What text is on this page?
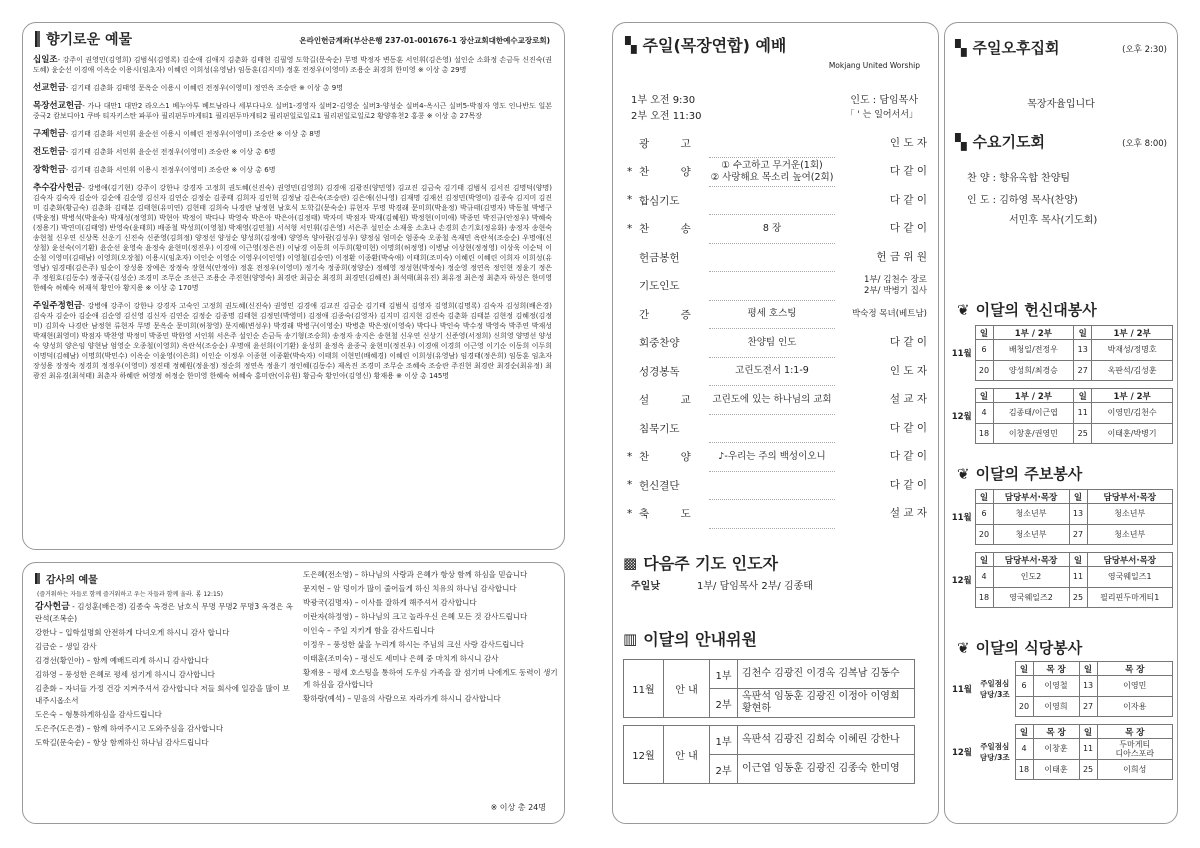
향기로운 예물	온라인헌금계좌(부산은행 237-01-001676-1 장산교회대한예수교장로회)
십일조- 강주이 권영민(김영희) 김범식(김영록) 김순애 김애지 김춘화 김태현 김필영 도학길(문숙순) 무명 박정자 변동훈 서인휘(김은영) 설인순 소화정 손금득 신진숙(권도혜) 윤순선 이경애 이옥순 이용시(임초자) 이혜린 이희성(유영남) 임동훈(김지미) 정훈 전정우(이영미) 조용순 최경희 한미영 ※ 이상 총 29명
선교헌금- 김기태 김춘화 김태영 문옥순 이용시 이혜린 전정우(이영미) 정연옥 조승란 ※ 이상 총 9명
목장선교헌금- 가나 대만1 대만2 라오스1 베누아투 베트남라나 세부다나오 실버1-경영자 실버2-김영순 실버3-양성순 실버4-옥시근 실버5-박점자 영도 인나반도 일본 중국2 캄보디아1 쿠바 티자키스탄 파푸아 필리핀두마게티1 필리핀두마게티2 필리핀일로일로1 필리핀일로일로2 황양휴천2 홍콩 ※ 이상 총 27목장
구제헌금- 김기태 김춘화 서인휘 윤순선 이용시 이혜린 전정우(이영미) 조승란 ※ 이상 총 8명
전도헌금- 김기태 김춘화 서인휘 윤순선 전정우(이영미) 조승란 ※ 이상 총 6명
장학헌금- 김기태 김춘화 서인휘 이용시 전정우(이영미) 조승란 ※ 이상 총 6명
추수감사헌금- 강병애(김기현) 강주이 강한나 강경자 고정희 권도혜(신진숙) 권영민(김영희) 김경애 김광진(양민영) 김교진 김금숙 김기태 김범식 김서진 김명덕(양명) 김숙자 김숙자 김순아 김순애 김순영 김신자 김연순 김정순 김종태 김희자 김인혁 김정남 김은숙(조승란) 김은애(신나영) 김재명 김재선 김정민(박영미) 김종숙 김지미 김진미 김춘화(황금숙) 김춘화 김태분 김태현(유미연) 김현태 김희숙 나경란 남정현 남호식 도학길(문숙순) 류현자 무명 박경래 문미희(박윤정) 박규태(김명자) 박동철 박병구(박윤정) 박병석(박윤숙) 박재성(정영희) 박현아 박정이 박다나 박영숙 박은아 박은아(김정태) 박자미 박점자 박재(김혜원) 박정현(이미애) 박종민 박진규(안정우) 박혜숙(정용기) 박연미(김태영) 반영숙(윤태희) 배종철 박성희(이영철) 박재영(김민철) 서석형 서인휘(김은영) 서은주 설인순 소재웅 소초나 손경희 손기호(정유화) 송정자 송현숙 송현철 신우연 신상목 신운기 신진숙 신준영(김희정) 양정선 양성순 양성희(김정애) 양영옥 양아람(김성우) 양정심 엄미순 엄종숙 오종철 옥재민 옥란석(조승순) 우명애(신상철) 윤선숙(이기환) 윤순선 윤영숙 윤정숙 윤현미(정진우) 이경애 이근영(정은진) 이남경 이동희 이두희(황미현) 이명희(허정영) 이병남 이상현(정정영) 이상욱 이순덕 이순철 이영미(김태남) 이영희(오장철) 이용시(임초자) 이인순 이영순 이영우(이인영) 이영철(김승연) 이정환 이종환(박숙애) 이태희(조미숙) 이혜린 이혜린 이희자 이희성(유영남) 임경태(김은주) 임순이 장성용 장예은 장정숙 장현석(안정아) 정훈 전정우(이영미) 정기숙 정종희(정양순) 정혜영 정성현(박정숙) 정순영 정연옥 정인현 정윤기 정은주 정원호(김동수) 정종국(김성순) 조경미 조무순 조선근 조용순 주진현(양영숙) 최경란 최금순 최경희 최경민(김혜진) 최석태(최유진) 최유정 최은정 최춘자 하성은 한미영 한혜숙 허혜숙 허재석 황인아 황지용 ※ 이상 총 170명
주일주정헌금- 강병애 강주이 강한나 강경자 고숙인 고정희 권도혜(신진숙) 권영민 김경애 김교진 김금순 김기태 김범식 김영자 김영희(김명록) 김숙자 김성희(배은경) 김숙자 김순아 김순애 김순영 김신영 김신자 김연순 김정순 김종명 김태현 김정민(박영미) 김정애 김종숙(김영자) 김지미 김지현 김진숙 김춘화 김태분 김현정 김혜정(김정미) 김희숙 나경란 남정현 류현자 무명 문옥순 문미희(허창영) 문지혜(변성우) 박경래 박병구(이영순) 박병춘 박은정(이영숙) 박다나 박인숙 박수정 박영숙 박주연 박재성 박재현(최영미) 박점자 박찬영 박정미 박종민 박한영 서인휘 서은주 설인순 손금득 송기형(조승희) 송정자 송지은 송현철 신우연 신상기 신준영(서정희) 신희영 양명선 양성숙 양성희 양은임 양현남 엄영순 오종철(이영희) 옥란석(조승순) 우명애 윤선희(이기환) 윤성희 윤정옥 윤종국 윤현미(정진우) 이경애 이경희 이근영 이기순 이동희 이두희 이명덕(김혜남) 이명희(박민수) 이옥순 이윤영(이은희) 이인순 이정우 이종현 이종환(박숙자) 이태희 이현민(배혜경) 이혜린 이희성(유영남) 임경태(정은희) 임동훈 임초자 장성용 장정숙 정경희 정정우(이영미) 정진태 정혜원(정윤정) 정순희 정연옥 정윤기 정인혜(김동수) 제옥진 조경미 조무순 조혜숙 조승란 주진현 최경란 최경순(최유정) 최광진 최유경(최석태) 최춘자 하혜란 허영정 허정순 한미영 한혜숙 허혜숙 홍미란(이유원) 황금숙 황인아(김영신) 황재용 ※ 이상 총 145명
감사의 예물
(즐거워하는 자들로 함께 즐거워하고 우는 자들과 함께 울라. 롬 12:15)
감사헌금 - 김성훈(배은경) 김종숙 옥경은 남호식 무명 무명2 무명3 옥경은 옥란석(조복순)
강한나 – 입학설명회 안전하게 다녀오게 하시니 감사 합니다
김금순 – 생일 감사
김경선(황인아) – 함께 예배드리게 하시니 감사합니다
김하영 – 풍성한 은혜로 평세 섬기게 하시니 감사합니다
김춘화 – 자녀들 가정 건강 지켜주셔서 감사합니다 저들 회사에 일감을 많이 보내주시옵소서
도은숙 – 형통하게하심을 감사드립니다
도은주(도은경) – 함께 하여주시고 도와주심을 감사합니다
도학길(문숙순) – 항상 함께하신 하나님 감사드립니다
도은혜(전소영) – 하나님의 사랑과 은혜가 항상 함께 하심을 믿습니다
문지현 – 암 덩이가 많이 줄어들게 하신 치유의 하나님 감사합니다
박광국(김명자) – 이사를 잘하게 해주셔서 감사합니다
이란자(하정영) – 하나님의 크고 놀라우신 은혜 모든 것 감사드립니다
이인숙 – 주일 지키게 함을 감사드립니다
이정우 – 풍성한 삶을 누리게 하시는 주님의 크신 사랑 감사드립니다
이태훈(조미숙) – 평신도 세미나 은혜 중 마치게 하시니 감사
황재용 – 평세 호스팅을 통하여 도우심 가족을 잘 섬기며 나에게도 동력이 생기게 하심을 감사합니다
황하랑(예석) – 믿음의 사람으로 자라가게 하시니 감사합니다
※ 이상 총 24명
▚ 주일(목장연합) 예배
Mokjang United Worship
1부 오전 9:30
2부 오전 11:30
인도 : 담임목사
「 ' 는 일어서서」
	광　　　고		인 도 자
*	찬　　　양	① 수고하고 무거운(1회)
② 사랑해요 목소리 높여(2회)	다 같 이
*	합심기도		다 같 이
*	찬　　　송	8 장	다 같 이
	헌금봉헌		헌 금 위 원
	기도인도		1부/ 김천수 장로
2부/ 박병기 집사
	간　　　증	평세 호스팅	박숙정 목녀(베트남)
	회중찬양	찬양팀 인도	다 같 이
	성경봉독	고린도전서 1:1-9	인 도 자
	설　　　교	고린도에 있는 하나님의 교회	설 교 자
	침묵기도		다 같 이
*	찬　　　양	♪-우리는 주의 백성이오니	다 같 이
*	헌신결단		다 같 이
*	축　　　도		설 교 자
▩ 다음주 기도 인도자
주일낮	1부/ 담임목사 2부/ 김종태
▥ 이달의 안내위원
11월	안 내	1부	김천수 김광진 이경옥 김복남 김동수
		2부	옥판석 임동훈 김광진 이정아 이영희 황현하

12월	안 내	1부	옥판석 김광진 김희숙 이혜린 강한나
		2부	이근엽 임동훈 김광진 김종숙 한미영
▚ 주일오후집회	(오후 2:30)
목장자율입니다
▚ 수요기도회	(오후 8:00)
찬 양 : 향유옥합 찬양팀
인 도 : 김하영 목사(찬양)
서민후 목사(기도회)
❦ 이달의 헌신대봉사
11월	일	1부 / 2부	일	1부 / 2부
	6	배청일/전정우	13	박재성/정명호
	20	양성희/최경승	27	옥판석/김성훈

12월	일	1부 / 2부	일	1부 / 2부
	4	김종태/이근엽	11	이영민/김천수
	18	이창훈/권영민	25	이태훈/박병기
❦ 이달의 주보봉사
11월	일	담당부서·목장	일	담당부서·목장
	6	청소년부	13	청소년부
	20	청소년부	27	청소년부

12월	일	담당부서·목장	일	담당부서·목장
	4	인도2	11	영국웨일즈1
	18	영국웨일즈2	25	필리핀두마게티1
❦ 이달의 식당봉사
11월	주일점심
담당/3조	일	목 장	일	목 장
		6	이영철	13	이영민
		20	이영희	27	이자용

12월	주일점심
담당/3조	일	목 장	일	목 장
		4	이창훈	11	두마게티
디아스포라
		18	이태훈	25	이희성
